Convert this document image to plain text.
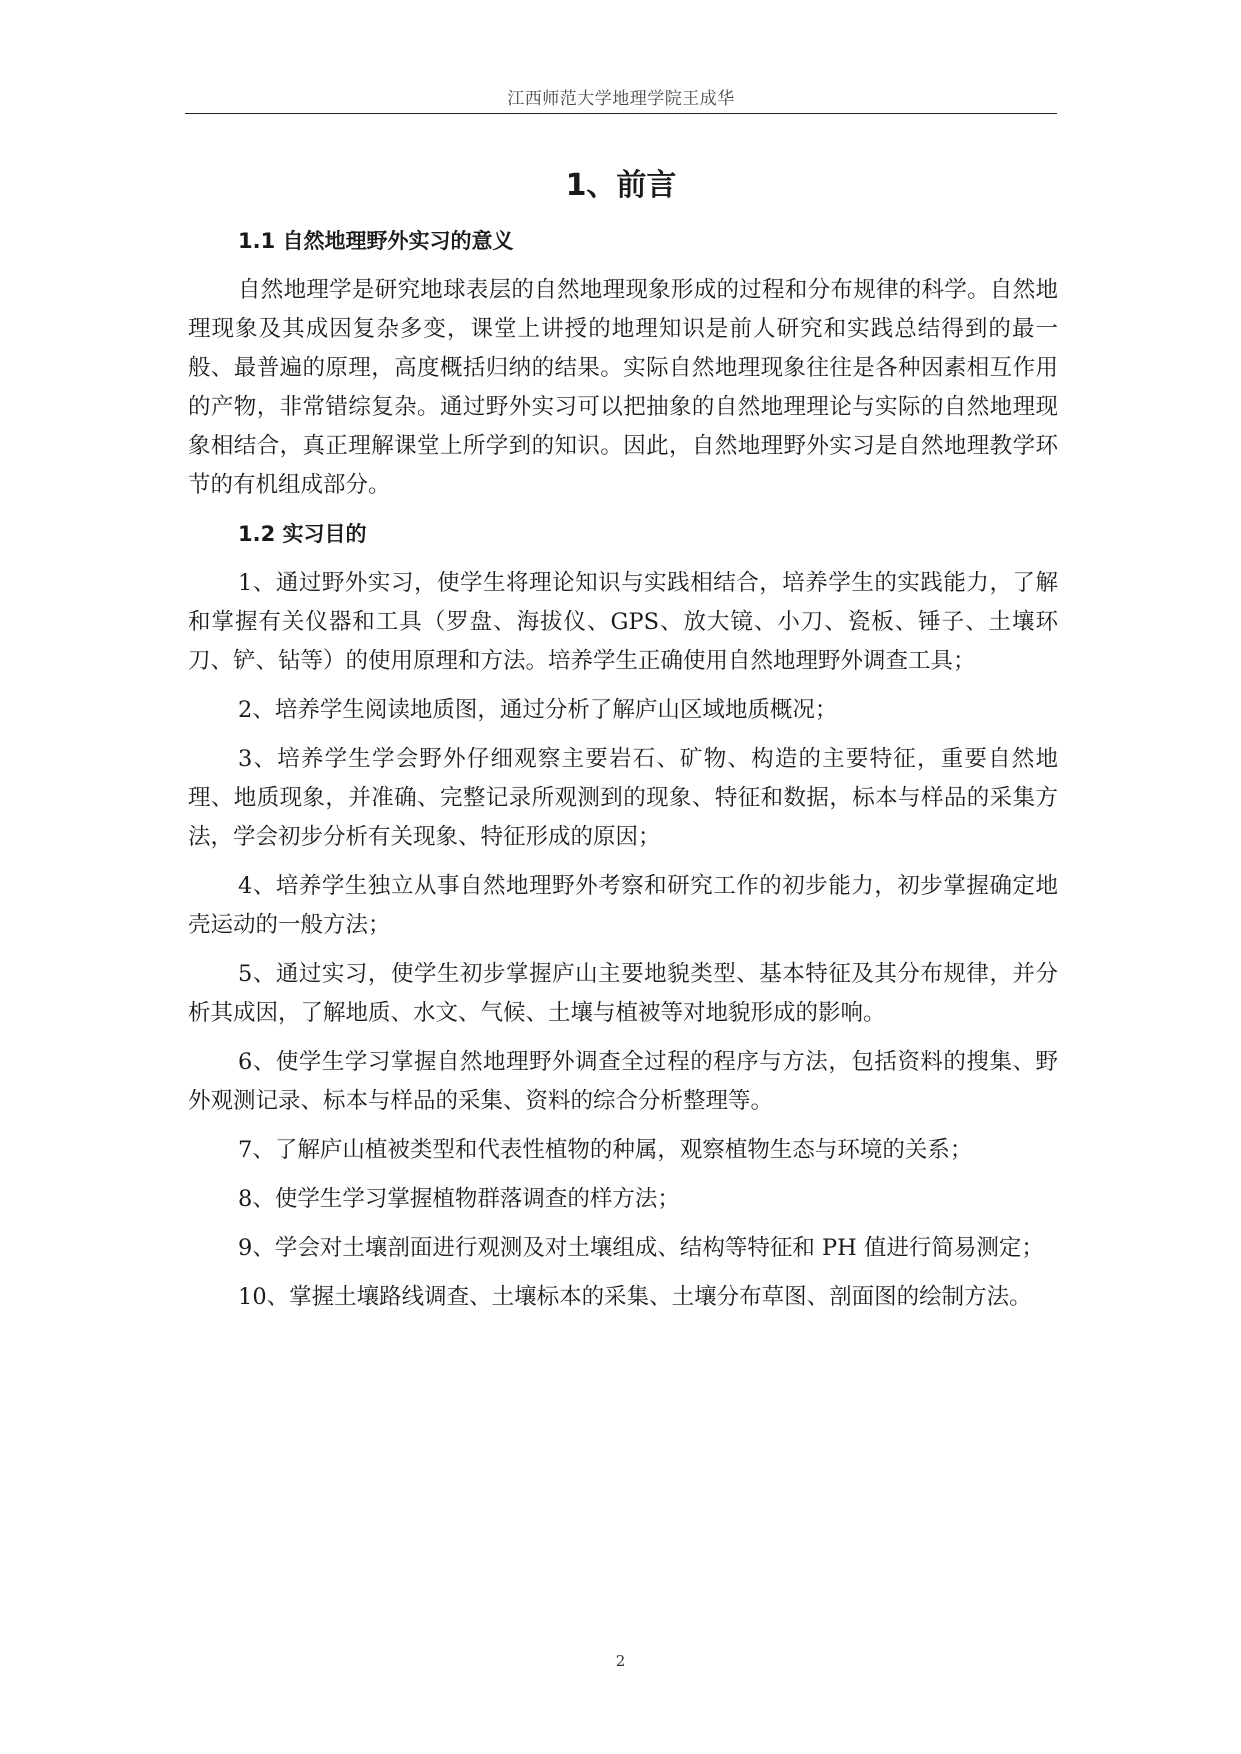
江西师范大学地理学院王成华
1、前言
1.1 自然地理野外实习的意义

自然地理学是研究地球表层的自然地理现象形成的过程和分布规律的科学。自然地理现象及其成因复杂多变，课堂上讲授的地理知识是前人研究和实践总结得到的最一般、最普遍的原理，高度概括归纳的结果。实际自然地理现象往往是各种因素相互作用的产物，非常错综复杂。通过野外实习可以把抽象的自然地理理论与实际的自然地理现象相结合，真正理解课堂上所学到的知识。因此，自然地理野外实习是自然地理教学环节的有机组成部分。

1.2 实习目的

1、通过野外实习，使学生将理论知识与实践相结合，培养学生的实践能力，了解和掌握有关仪器和工具（罗盘、海拔仪、GPS、放大镜、小刀、瓷板、锤子、土壤环刀、铲、钻等）的使用原理和方法。培养学生正确使用自然地理野外调查工具；

2、培养学生阅读地质图，通过分析了解庐山区域地质概况；

3、培养学生学会野外仔细观察主要岩石、矿物、构造的主要特征，重要自然地理、地质现象，并准确、完整记录所观测到的现象、特征和数据，标本与样品的采集方法，学会初步分析有关现象、特征形成的原因；

4、培养学生独立从事自然地理野外考察和研究工作的初步能力，初步掌握确定地壳运动的一般方法；

5、通过实习，使学生初步掌握庐山主要地貌类型、基本特征及其分布规律，并分析其成因，了解地质、水文、气候、土壤与植被等对地貌形成的影响。

6、使学生学习掌握自然地理野外调查全过程的程序与方法，包括资料的搜集、野外观测记录、标本与样品的采集、资料的综合分析整理等。

7、了解庐山植被类型和代表性植物的种属，观察植物生态与环境的关系；

8、使学生学习掌握植物群落调查的样方法；

9、学会对土壤剖面进行观测及对土壤组成、结构等特征和 PH 值进行简易测定；

10、掌握土壤路线调查、土壤标本的采集、土壤分布草图、剖面图的绘制方法。

2
